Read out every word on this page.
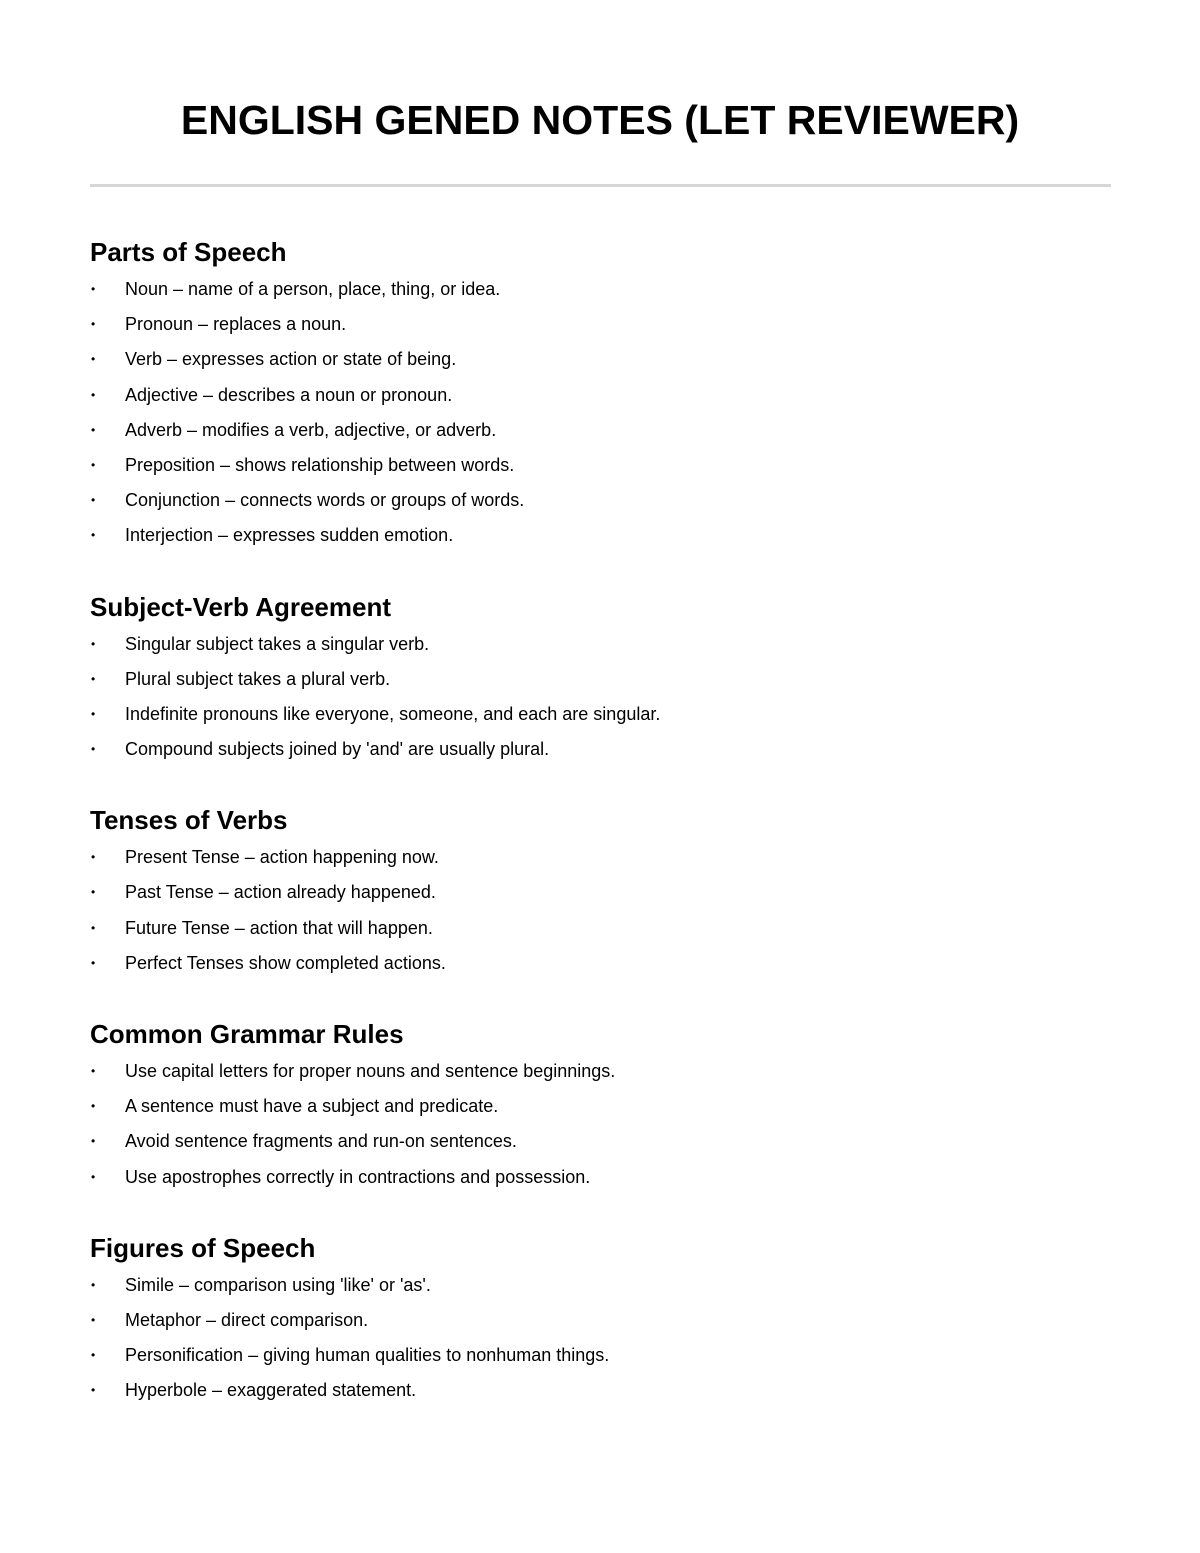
ENGLISH GENED NOTES (LET REVIEWER)
Parts of Speech
• Noun – name of a person, place, thing, or idea.
• Pronoun – replaces a noun.
• Verb – expresses action or state of being.
• Adjective – describes a noun or pronoun.
• Adverb – modifies a verb, adjective, or adverb.
• Preposition – shows relationship between words.
• Conjunction – connects words or groups of words.
• Interjection – expresses sudden emotion.
Subject-Verb Agreement
• Singular subject takes a singular verb.
• Plural subject takes a plural verb.
• Indefinite pronouns like everyone, someone, and each are singular.
• Compound subjects joined by 'and' are usually plural.
Tenses of Verbs
• Present Tense – action happening now.
• Past Tense – action already happened.
• Future Tense – action that will happen.
• Perfect Tenses show completed actions.
Common Grammar Rules
• Use capital letters for proper nouns and sentence beginnings.
• A sentence must have a subject and predicate.
• Avoid sentence fragments and run-on sentences.
• Use apostrophes correctly in contractions and possession.
Figures of Speech
• Simile – comparison using 'like' or 'as'.
• Metaphor – direct comparison.
• Personification – giving human qualities to nonhuman things.
• Hyperbole – exaggerated statement.
